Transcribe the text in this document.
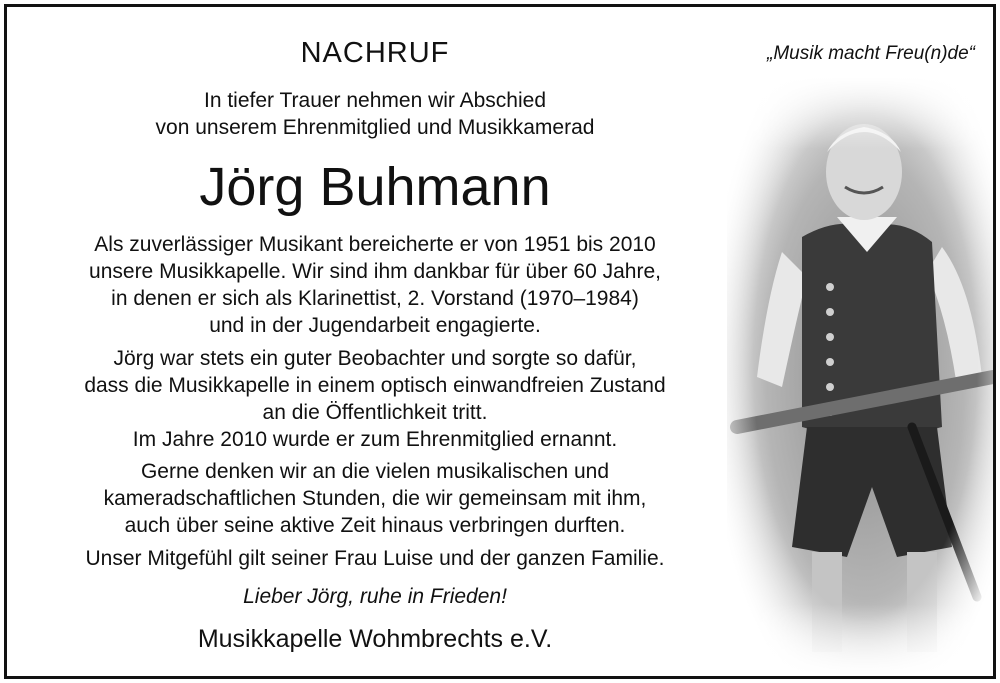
NACHRUF
In tiefer Trauer nehmen wir Abschied
von unserem Ehrenmitglied und Musikkamerad
Jörg Buhmann
Als zuverlässiger Musikant bereicherte er von 1951 bis 2010
unsere Musikkapelle. Wir sind ihm dankbar für über 60 Jahre,
in denen er sich als Klarinettist, 2. Vorstand (1970–1984)
und in der Jugendarbeit engagierte.
Jörg war stets ein guter Beobachter und sorgte so dafür,
dass die Musikkapelle in einem optisch einwandfreien Zustand
an die Öffentlichkeit tritt.
Im Jahre 2010 wurde er zum Ehrenmitglied ernannt.
Gerne denken wir an die vielen musikalischen und
kameradschaftlichen Stunden, die wir gemeinsam mit ihm,
auch über seine aktive Zeit hinaus verbringen durften.
Unser Mitgefühl gilt seiner Frau Luise und der ganzen Familie.
Lieber Jörg, ruhe in Frieden!
Musikkapelle Wohmbrechts e.V.
„Musik macht Freu(n)de“
